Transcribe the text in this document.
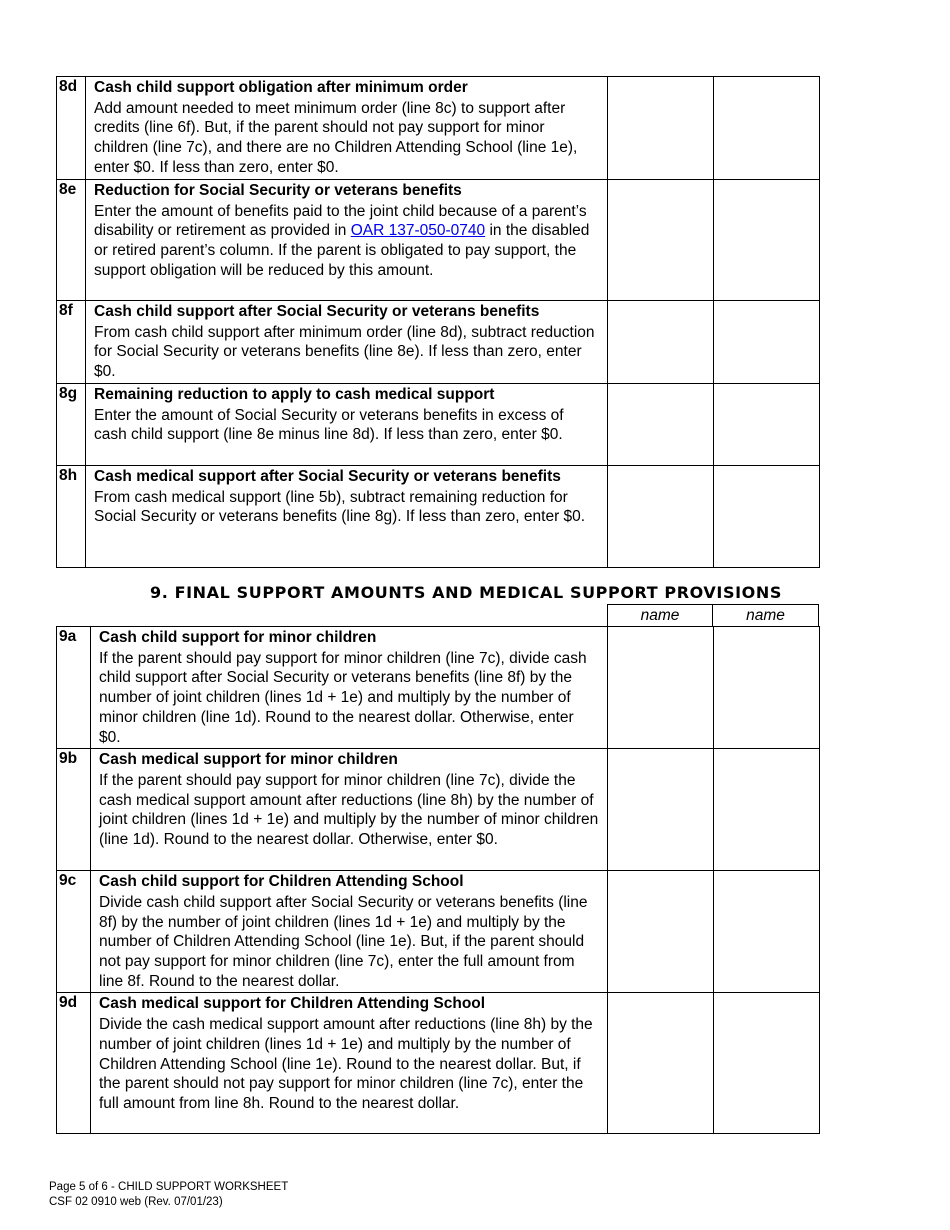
8d	Cash child support obligation after minimum order
Add amount needed to meet minimum order (line 8c) to support after credits (line 6f). But, if the parent should not pay support for minor children (line 7c), and there are no Children Attending School (line 1e), enter $0. If less than zero, enter $0.		

8e	Reduction for Social Security or veterans benefits
Enter the amount of benefits paid to the joint child because of a parent’s disability or retirement as provided in OAR 137-050-0740 in the disabled or retired parent’s column. If the parent is obligated to pay support, the support obligation will be reduced by this amount.		

8f	Cash child support after Social Security or veterans benefits
From cash child support after minimum order (line 8d), subtract reduction for Social Security or veterans benefits (line 8e). If less than zero, enter $0.		

8g	Remaining reduction to apply to cash medical support
Enter the amount of Social Security or veterans benefits in excess of cash child support (line 8e minus line 8d). If less than zero, enter $0.		

8h	Cash medical support after Social Security or veterans benefits
From cash medical support (line 5b), subtract remaining reduction for Social Security or veterans benefits (line 8g). If less than zero, enter $0.		

9. FINAL SUPPORT AMOUNTS AND MEDICAL SUPPORT PROVISIONS
name	name
9a	Cash child support for minor children
If the parent should pay support for minor children (line 7c), divide cash child support after Social Security or veterans benefits (line 8f) by the number of joint children (lines 1d + 1e) and multiply by the number of minor children (line 1d). Round to the nearest dollar. Otherwise, enter $0.		

9b	Cash medical support for minor children
If the parent should pay support for minor children (line 7c), divide the cash medical support amount after reductions (line 8h) by the number of joint children (lines 1d + 1e) and multiply by the number of minor children (line 1d). Round to the nearest dollar. Otherwise, enter $0.		

9c	Cash child support for Children Attending School
Divide cash child support after Social Security or veterans benefits (line 8f) by the number of joint children (lines 1d + 1e) and multiply by the number of Children Attending School (line 1e). But, if the parent should not pay support for minor children (line 7c), enter the full amount from line 8f. Round to the nearest dollar.		

9d	Cash medical support for Children Attending School
Divide the cash medical support amount after reductions (line 8h) by the number of joint children (lines 1d + 1e) and multiply by the number of Children Attending School (line 1e). Round to the nearest dollar. But, if the parent should not pay support for minor children (line 7c), enter the full amount from line 8h. Round to the nearest dollar.		

Page 5 of 6 - CHILD SUPPORT WORKSHEET
CSF 02 0910 web (Rev. 07/01/23)
